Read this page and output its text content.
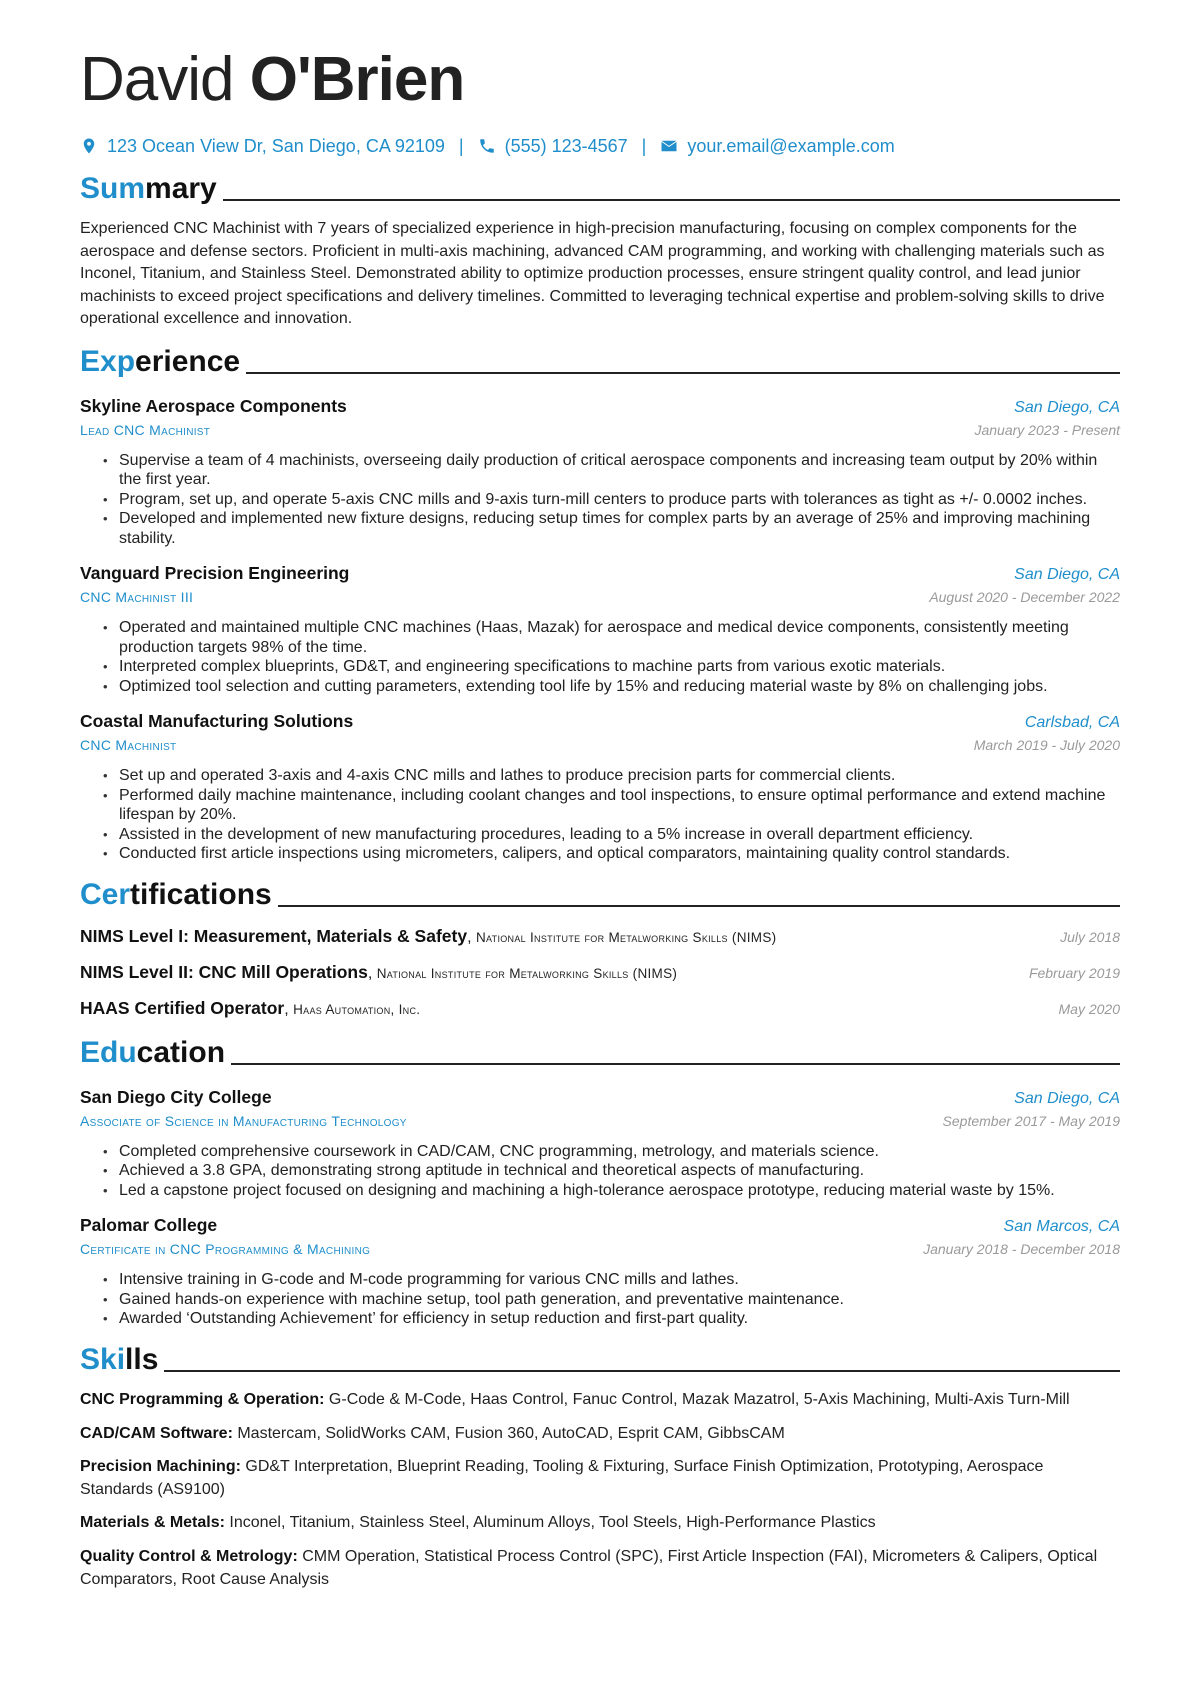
David O'Brien
123 Ocean View Dr, San Diego, CA 92109 | (555) 123-4567 | your.email@example.com
Summary

Experienced CNC Machinist with 7 years of specialized experience in high-precision manufacturing, focusing on complex components for the aerospace and defense sectors. Proficient in multi-axis machining, advanced CAM programming, and working with challenging materials such as Inconel, Titanium, and Stainless Steel. Demonstrated ability to optimize production processes, ensure stringent quality control, and lead junior machinists to exceed project specifications and delivery timelines. Committed to leveraging technical expertise and problem-solving skills to drive operational excellence and innovation.

Experience
Skyline Aerospace Components	San Diego, CA
Lead CNC Machinist	January 2023 - Present
• Supervise a team of 4 machinists, overseeing daily production of critical aerospace components and increasing team output by 20% within the first year.
• Program, set up, and operate 5-axis CNC mills and 9-axis turn-mill centers to produce parts with tolerances as tight as +/- 0.0002 inches.
• Developed and implemented new fixture designs, reducing setup times for complex parts by an average of 25% and improving machining stability.
Vanguard Precision Engineering	San Diego, CA
CNC Machinist III	August 2020 - December 2022
• Operated and maintained multiple CNC machines (Haas, Mazak) for aerospace and medical device components, consistently meeting production targets 98% of the time.
• Interpreted complex blueprints, GD&T, and engineering specifications to machine parts from various exotic materials.
• Optimized tool selection and cutting parameters, extending tool life by 15% and reducing material waste by 8% on challenging jobs.
Coastal Manufacturing Solutions	Carlsbad, CA
CNC Machinist	March 2019 - July 2020
• Set up and operated 3-axis and 4-axis CNC mills and lathes to produce precision parts for commercial clients.
• Performed daily machine maintenance, including coolant changes and tool inspections, to ensure optimal performance and extend machine lifespan by 20%.
• Assisted in the development of new manufacturing procedures, leading to a 5% increase in overall department efficiency.
• Conducted first article inspections using micrometers, calipers, and optical comparators, maintaining quality control standards.
Certifications
NIMS Level I: Measurement, Materials & Safety, National Institute for Metalworking Skills (NIMS)	July 2018
NIMS Level II: CNC Mill Operations, National Institute for Metalworking Skills (NIMS)	February 2019
HAAS Certified Operator, Haas Automation, Inc.	May 2020
Education
San Diego City College	San Diego, CA
Associate of Science in Manufacturing Technology	September 2017 - May 2019
• Completed comprehensive coursework in CAD/CAM, CNC programming, metrology, and materials science.
• Achieved a 3.8 GPA, demonstrating strong aptitude in technical and theoretical aspects of manufacturing.
• Led a capstone project focused on designing and machining a high-tolerance aerospace prototype, reducing material waste by 15%.
Palomar College	San Marcos, CA
Certificate in CNC Programming & Machining	January 2018 - December 2018
• Intensive training in G-code and M-code programming for various CNC mills and lathes.
• Gained hands-on experience with machine setup, tool path generation, and preventative maintenance.
• Awarded ‘Outstanding Achievement’ for efficiency in setup reduction and first-part quality.
Skills

CNC Programming & Operation: G-Code & M-Code, Haas Control, Fanuc Control, Mazak Mazatrol, 5-Axis Machining, Multi-Axis Turn-Mill

CAD/CAM Software: Mastercam, SolidWorks CAM, Fusion 360, AutoCAD, Esprit CAM, GibbsCAM

Precision Machining: GD&T Interpretation, Blueprint Reading, Tooling & Fixturing, Surface Finish Optimization, Prototyping, Aerospace Standards (AS9100)

Materials & Metals: Inconel, Titanium, Stainless Steel, Aluminum Alloys, Tool Steels, High-Performance Plastics

Quality Control & Metrology: CMM Operation, Statistical Process Control (SPC), First Article Inspection (FAI), Micrometers & Calipers, Optical Comparators, Root Cause Analysis
